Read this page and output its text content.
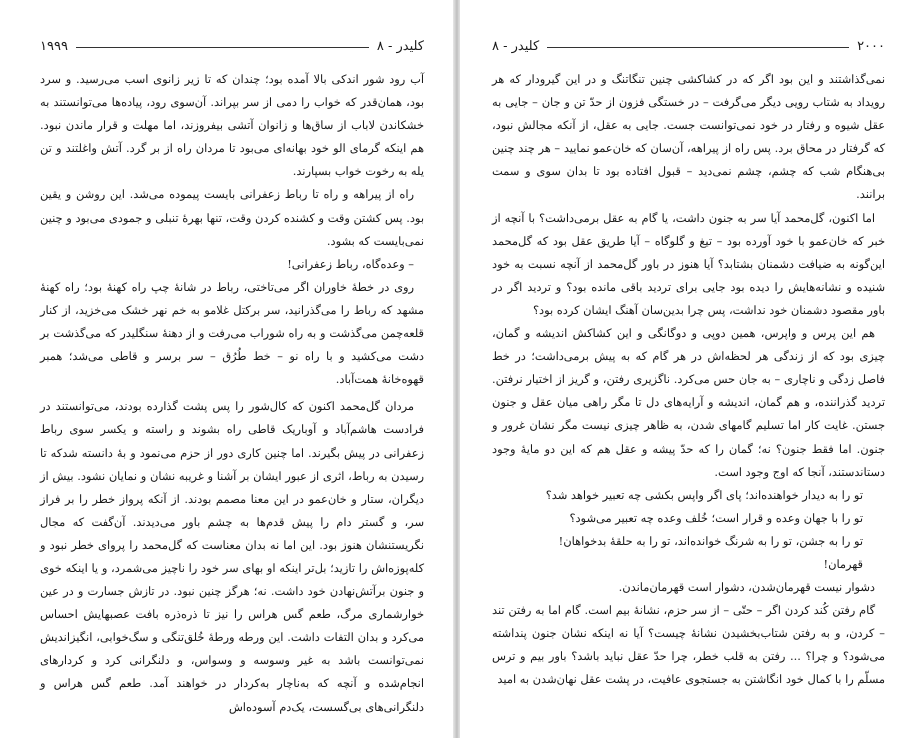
کلیدر - ۸
۱۹۹۹

آب رود شور اندکی بالا آمده بود؛ چندان که تا زیر زانوی اسب می‌رسید. و سرد بود، همان‌قدر که خواب را دمی از سر بپراند. آن‌سوی رود، پیاده‌ها می‌توانستند به خشکاندن لاباب از ساق‌ها و زانوان آتشی بیفروزند، اما مهلت و قرار ماندن نبود. هم اینکه گرمای الو خود بهانه‌ای می‌بود تا مردان راه از بر گرد. آتش واغلتند و تن یله به رخوت خواب بسپارند.

راه از پیراهه و راه تا رباط زعفرانی بایست پیموده می‌شد. این روشن و یقین بود. پس کشتن وقت و کشنده کردن وقت، تنها بهرهٔ تنبلی و جمودی می‌بود و چنین نمی‌بایست که بشود.

– وعده‌گاه، رباط زعفرانی!

روی در خطهٔ خاوران اگر می‌تاختی، رباط در شانهٔ چپ راه کهنهٔ بود؛ راه کهنهٔ مشهد که رباط را می‌گذرانید، سر برکتل غلامو به خم نهر خشک می‌خزید، از کنار قلعه‌چمن می‌گذشت و به راه شوراب می‌رفت و از دهنهٔ سنگلیدر که می‌گذشت بر دشت می‌کشید و با راه نو – خط طُرُق – سر برسر و قاطی می‌شد؛ همبر قهوه‌خانهٔ همت‌آباد.

مردان گل‌محمد اکنون که کال‌شور را پس پشت گذارده بودند، می‌توانستند در فرادست هاشم‌آباد و آوباریک قاطی راه بشوند و راسته و یکسر سوی رباط زعفرانی در پیش بگیرند. اما چنین کاری دور از حزم می‌نمود و بهٔ دانسته شدکه تا رسیدن به رباط، اثری از عبور ایشان بر آشنا و غریبه نشان و نمایان نشود. بیش از دیگران، ستار و خان‌عمو در این معنا مصمم بودند. از آنکه پرواز خطر را بر فراز سر، و گستر دام را پیش قدم‌ها به چشم باور می‌دیدند. آن‌گفت که مجال نگریستنشان هنوز بود. این اما نه بدان معناست که گل‌محمد را پروای خطر نبود و کله‌پوزه‌اش را تازید؛ بل‌تر اینکه او بهای سر خود را ناچیز می‌شمرد، و یا اینکه خوی و جنون برآتش‌نهادن خود داشت. نه؛ هرگز چنین نبود. در تازش جسارت و در عین خوارشماری مرگ، طعم گس هراس را نیز تا ذره‌ذره بافت عصبهایش احساس می‌کرد و بدان التفات داشت. این ورطه ورطهٔ خُلق‌تنگی و سگ‌خوابی، انگیزاندیش نمی‌توانست باشد به غیر وسوسه و وسواس، و دلنگرانی کرد و کردارهای انجام‌شده و آنچه که به‌ناچار به‌کردار در خواهند آمد. طعم گس هراس و دلنگرانی‌های بی‌گسست، یک‌دم آسوده‌اش

۲۰۰۰
کلیدر - ۸

نمی‌گذاشتند و این بود اگر که در کشاکشی چنین تنگاتنگ و در این گیرودار که هر رویداد به شتاب رویی دیگر می‌گرفت – در خستگی فزون از حدّ تن و جان – جایی به عقل شیوه و رفتار در خود نمی‌توانست جست. جایی به عقل، از آنکه مجالش نبود، که گرفتار در محاق برد. پس راه از پیراهه، آن‌سان که خان‌عمو نمایید – هر چند چنین بی‌هنگام شب که چشم، چشم نمی‌دید – قبول افتاده بود تا بدان سوی و سمت برانند.

اما اکنون، گل‌محمد آیا سر به جنون داشت، یا گام به عقل برمی‌داشت؟ با آنچه از خبر که خان‌عمو با خود آورده بود – تیغ و گلوگاه – آیا طریق عقل بود که گل‌محمد این‌گونه به ضیافت دشمنان بشتابد؟ آیا هنوز در باور گل‌محمد از آنچه نسبت به خود شنیده و نشانه‌هایش را دیده بود جایی برای تردید باقی مانده بود؟ و تردید اگر در باور مقصود دشمنان خود نداشت، پس چرا بدین‌سان آهنگ ایشان کرده بود؟

هم این پرس و واپرس، همین دوپی و دوگانگی و این کشاکش اندیشه و گمان، چیزی بود که از زندگی هر لحظه‌اش در هر گام که به پیش برمی‌داشت؛ در خط فاصل زدگی و ناچاری – به جان حس می‌کرد. ناگزیری رفتن، و گریز از اختیار نرفتن. تردید گذراننده، و هم گمان، اندیشه و آرایه‌های دل تا مگر راهی میان عقل و جنون جستن. غایت کار اما تسلیم گامهای شدن، به ظاهر چیزی نیست مگر نشان غرور و جنون. اما فقط جنون؟ نه؛ گمان را که حدّ پیشه و عقل هم که این دو مایهٔ وجود دستاندستند، آنجا که اوج وجود است.

تو را به دیدار خواهنده‌اند؛ پای اگر واپس بکشی چه تعبیر خواهد شد؟

تو را با جهان وعده و قرار است؛ خُلف وعده چه تعبیر می‌شود؟

تو را به جشن، تو را به شرنگ خوانده‌اند، تو را به حلقهٔ بدخواهان!

قهرمان!

دشوار نیست قهرمان‌شدن، دشوار است قهرمان‌ماندن.

گام رفتن کُند کردن اگر – حتّی – از سر حزم، نشانهٔ بیم است. گام اما به رفتن تند – کردن، و به رفتن شتاب‌بخشیدن نشانهٔ چیست؟ آیا نه اینکه نشان جنون پنداشته می‌شود؟ و چرا؟ ... رفتن به قلب خطر، چرا حدّ عقل نباید باشد؟ باور بیم و ترس مسلّم را با کمال خود انگاشتن به جستجوی عافیت، در پشت عقل نهان‌شدن به امید
